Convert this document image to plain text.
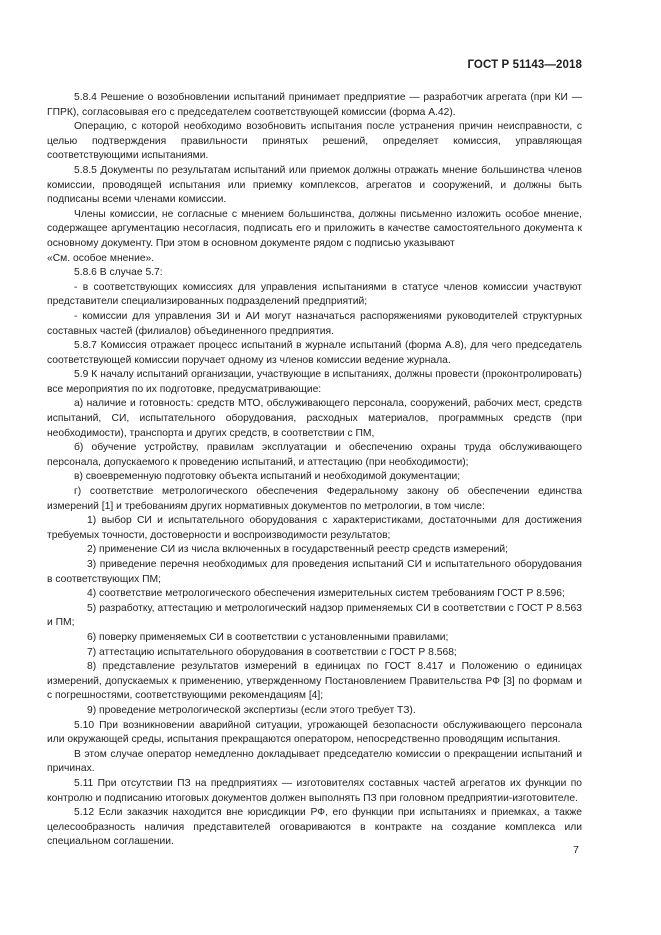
ГОСТ Р 51143—2018

5.8.4 Решение о возобновлении испытаний принимает предприятие — разработчик агрегата (при КИ — ГПРК), согласовывая его с председателем соответствующей комиссии (форма А.42).

Операцию, с которой необходимо возобновить испытания после устранения причин неисправности, с целью подтверждения правильности принятых решений, определяет комиссия, управляющая соответствующими испытаниями.

5.8.5 Документы по результатам испытаний или приемок должны отражать мнение большинства членов комиссии, проводящей испытания или приемку комплексов, агрегатов и сооружений, и должны быть подписаны всеми членами комиссии.

Члены комиссии, не согласные с мнением большинства, должны письменно изложить особое мнение, содержащее аргументацию несогласия, подписать его и приложить в качестве самостоятельного документа к основному документу. При этом в основном документе рядом с подписью указывают

«См. особое мнение».

5.8.6 В случае 5.7:

- в соответствующих комиссиях для управления испытаниями в статусе членов комиссии участвуют представители специализированных подразделений предприятий;

- комиссии для управления ЗИ и АИ могут назначаться распоряжениями руководителей структурных составных частей (филиалов) объединенного предприятия.

5.8.7 Комиссия отражает процесс испытаний в журнале испытаний (форма А.8), для чего председатель соответствующей комиссии поручает одному из членов комиссии ведение журнала.

5.9 К началу испытаний организации, участвующие в испытаниях, должны провести (проконтролировать) все мероприятия по их подготовке, предусматривающие:

а) наличие и готовность: средств МТО, обслуживающего персонала, сооружений, рабочих мест, средств испытаний, СИ, испытательного оборудования, расходных материалов, программных средств (при необходимости), транспорта и других средств, в соответствии с ПМ,

б) обучение устройству, правилам эксплуатации и обеспечению охраны труда обслуживающего персонала, допускаемого к проведению испытаний, и аттестацию (при необходимости);

в) своевременную подготовку объекта испытаний и необходимой документации;

г) соответствие метрологического обеспечения Федеральному закону об обеспечении единства измерений [1] и требованиям других нормативных документов по метрологии, в том числе:

1) выбор СИ и испытательного оборудования с характеристиками, достаточными для достижения требуемых точности, достоверности и воспроизводимости результатов;

2) применение СИ из числа включенных в государственный реестр средств измерений;

3) приведение перечня необходимых для проведения испытаний СИ и испытательного оборудования в соответствующих ПМ;

4) соответствие метрологического обеспечения измерительных систем требованиям ГОСТ Р 8.596;

5) разработку, аттестацию и метрологический надзор применяемых СИ в соответствии с ГОСТ Р 8.563 и ПМ;

6) поверку применяемых СИ в соответствии с установленными правилами;

7) аттестацию испытательного оборудования в соответствии с ГОСТ Р 8.568;

8) представление результатов измерений в единицах по ГОСТ 8.417 и Положению о единицах измерений, допускаемых к применению, утвержденному Постановлением Правительства РФ [3] по формам и с погрешностями, соответствующими рекомендациям [4];

9) проведение метрологической экспертизы (если этого требует ТЗ).

5.10 При возникновении аварийной ситуации, угрожающей безопасности обслуживающего персонала или окружающей среды, испытания прекращаются оператором, непосредственно проводящим испытания.

В этом случае оператор немедленно докладывает председателю комиссии о прекращении испытаний и причинах.

5.11 При отсутствии ПЗ на предприятиях — изготовителях составных частей агрегатов их функции по контролю и подписанию итоговых документов должен выполнять ПЗ при головном предприятии-изготовителе.

5.12 Если заказчик находится вне юрисдикции РФ, его функции при испытаниях и приемках, а также целесообразность наличия представителей оговариваются в контракте на создание комплекса или специальном соглашении.

7
